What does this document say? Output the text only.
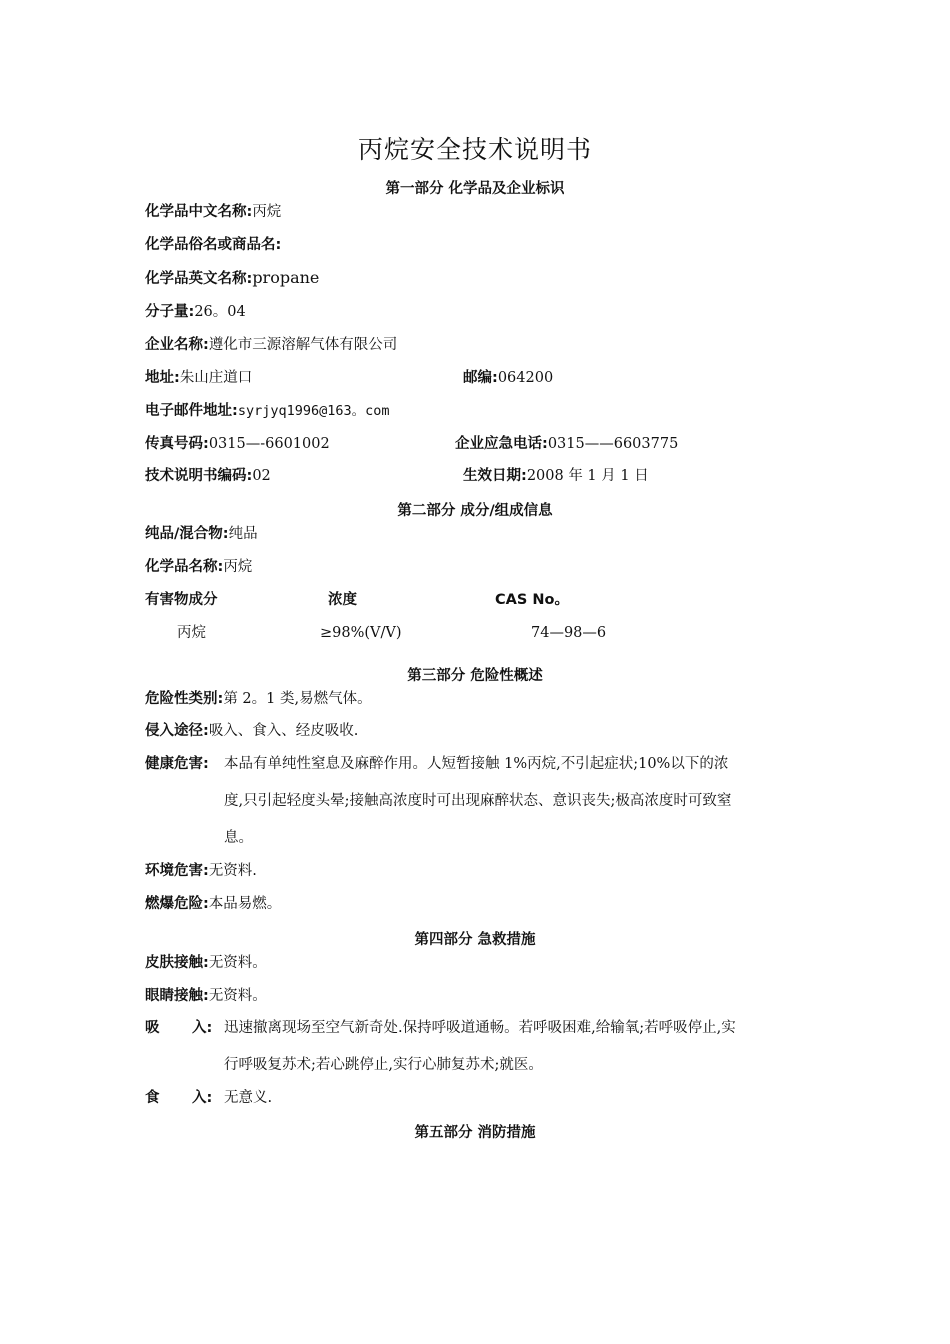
丙烷安全技术说明书
第一部分 化学品及企业标识
化学品中文名称:丙烷
化学品俗名或商品名:
化学品英文名称:propane
分子量:26。04
企业名称:遵化市三源溶解气体有限公司
地址:朱山庄道口	邮编:064200
电子邮件地址:syrjyq1996@163。com
传真号码:0315—-6601002	企业应急电话:0315——6603775
技术说明书编码:02	生效日期:2008 年 1 月 1 日
第二部分 成分/组成信息
纯品/混合物:纯品
化学品名称:丙烷
有害物成分	浓度	CAS No。
丙烷	≥98%(V/V)	74—98—6
第三部分 危险性概述
危险性类别:第 2。1 类,易燃气体。
侵入途径:吸入、食入、经皮吸收.
健康危害: 本品有单纯性窒息及麻醉作用。人短暂接触 1%丙烷,不引起症状;10%以下的浓
度,只引起轻度头晕;接触高浓度时可出现麻醉状态、意识丧失;极高浓度时可致窒
息。
环境危害:无资料.
燃爆危险:本品易燃。
第四部分 急救措施
皮肤接触:无资料。
眼睛接触:无资料。
吸 入: 迅速撤离现场至空气新奇处.保持呼吸道通畅。若呼吸困难,给输氧;若呼吸停止,实
行呼吸复苏术;若心跳停止,实行心肺复苏术;就医。
食 入: 无意义.
第五部分 消防措施
